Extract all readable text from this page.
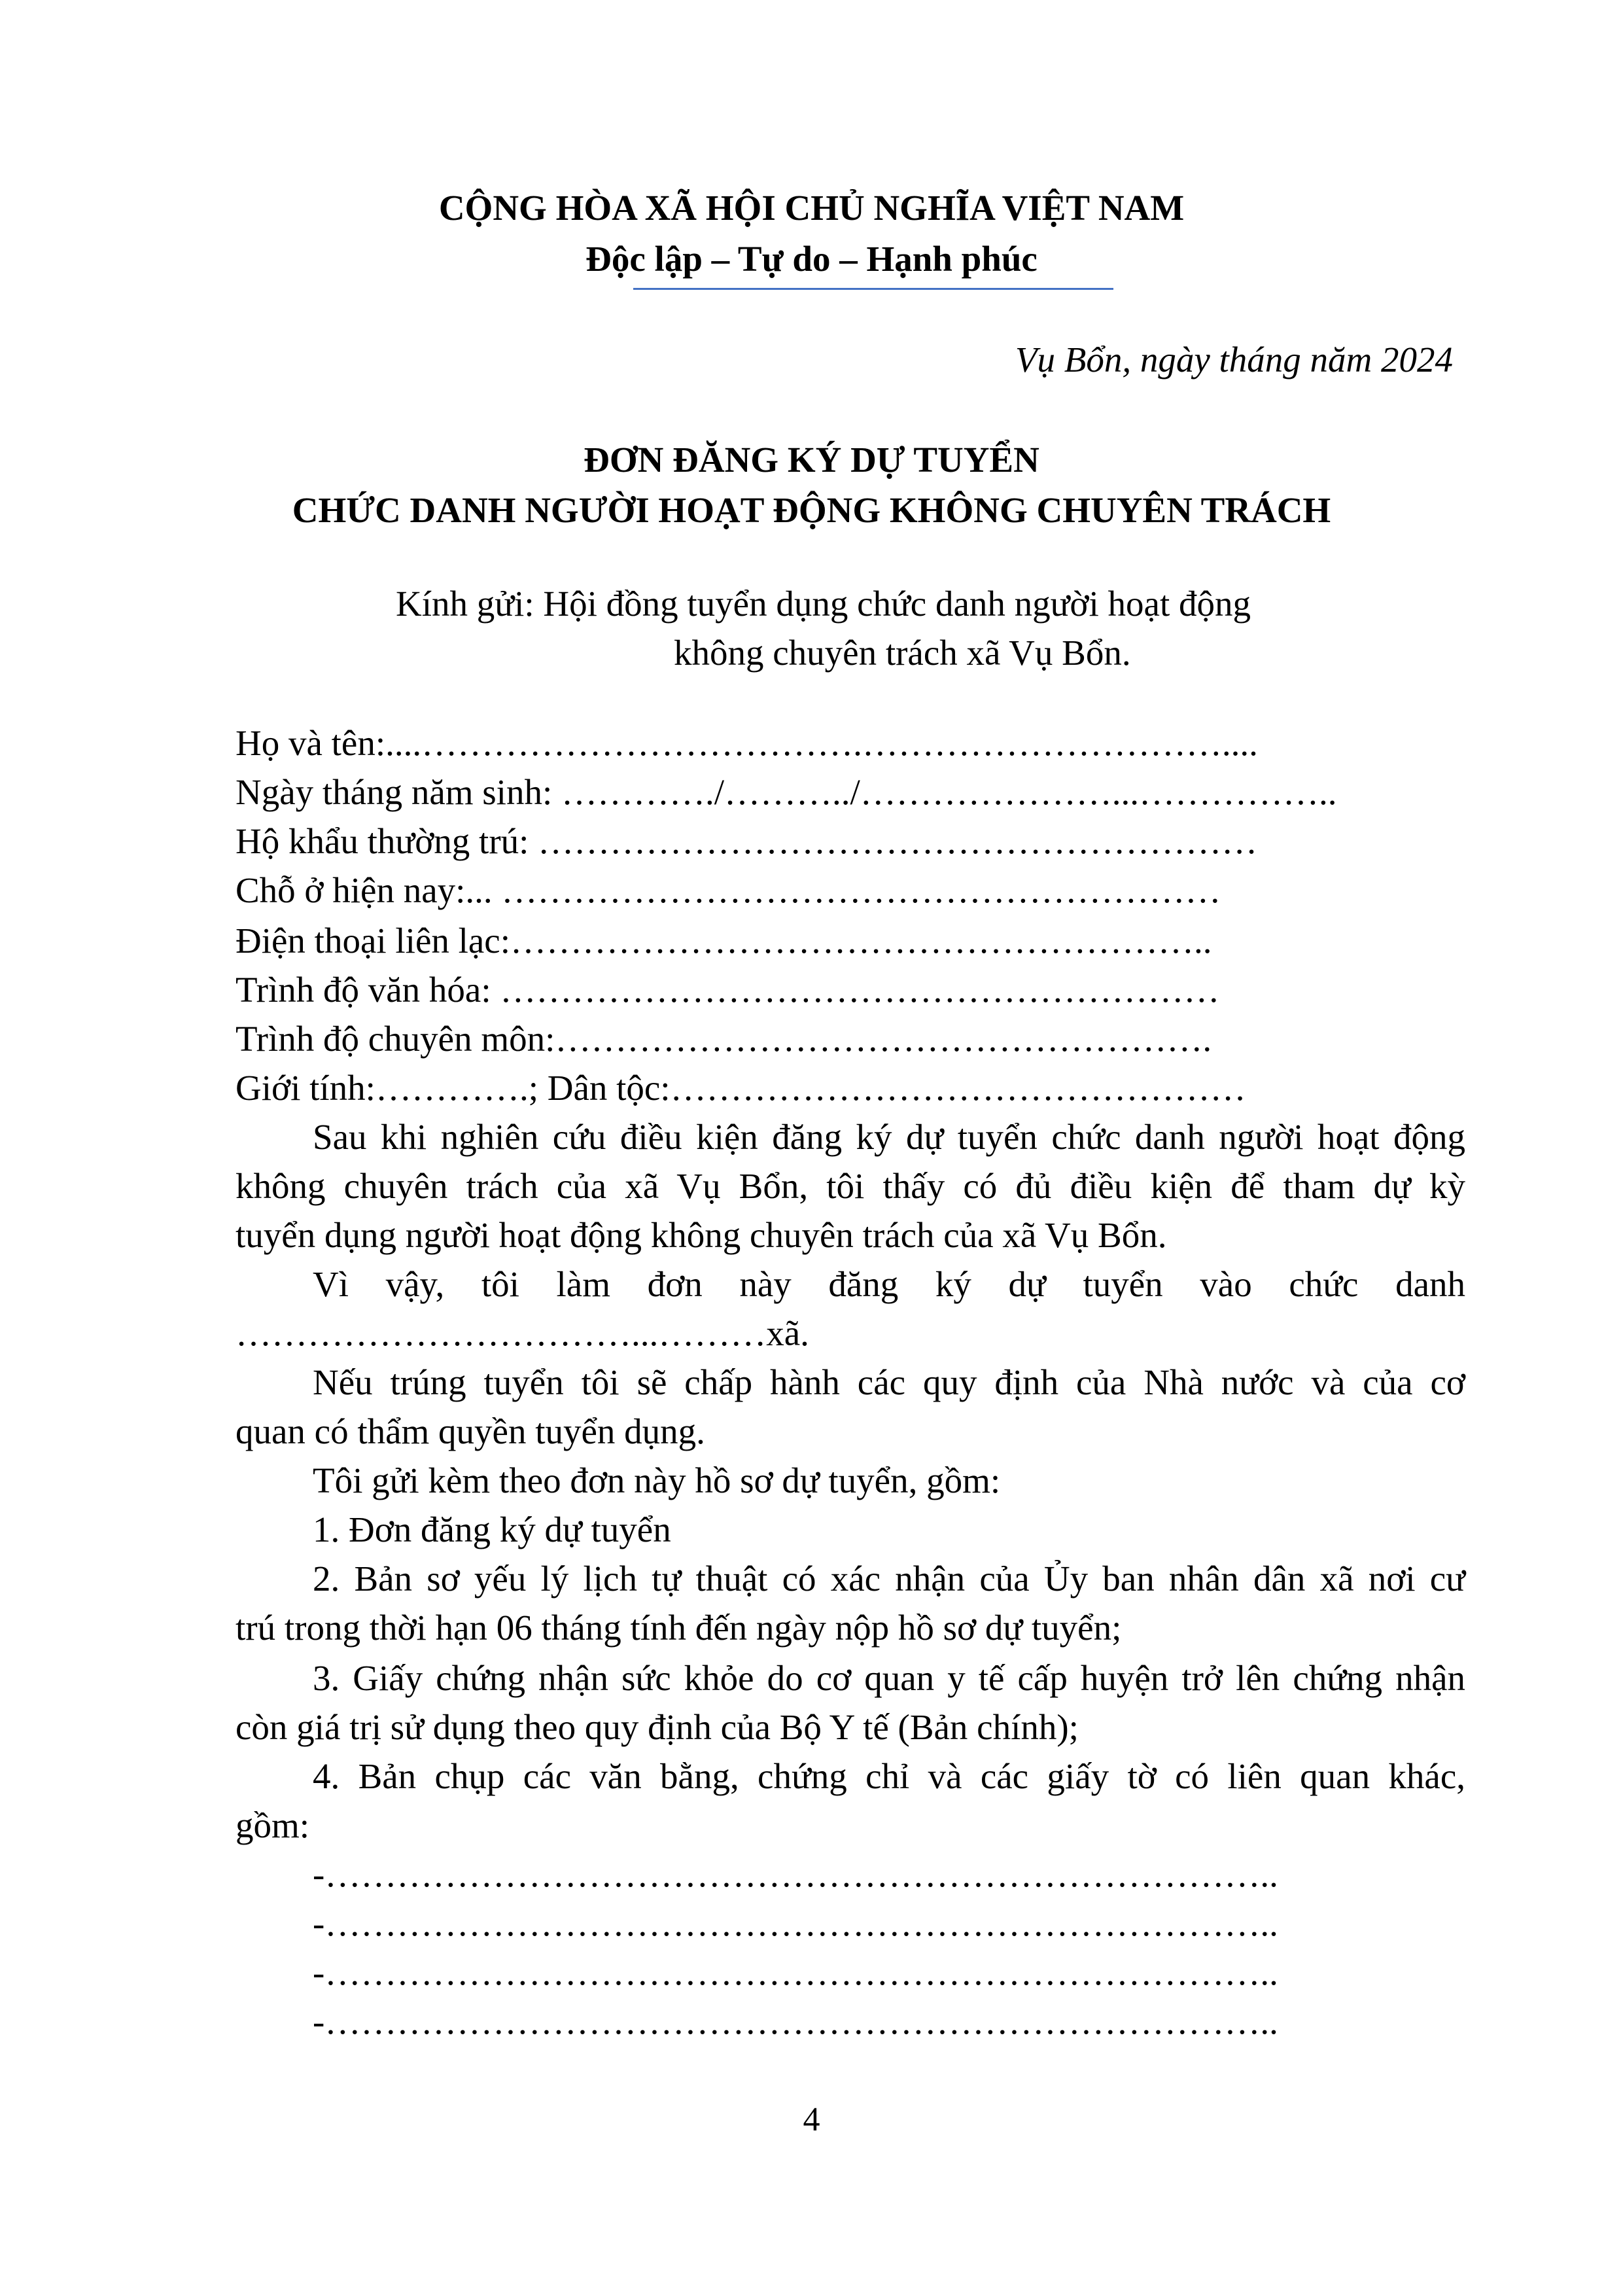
CỘNG HÒA XÃ HỘI CHỦ NGHĨA VIỆT NAM
Độc lập – Tự do – Hạnh phúc
Vụ Bổn, ngày tháng năm 2024
ĐƠN ĐĂNG KÝ DỰ TUYỂN
CHỨC DANH NGƯỜI HOẠT ĐỘNG KHÔNG CHUYÊN TRÁCH
Kính gửi: Hội đồng tuyển dụng chức danh người hoạt động
không chuyên trách xã Vụ Bổn.
Họ và tên:....……………………………….…………………………....
Ngày tháng năm sinh: …………./………../…………………...……………..
Hộ khẩu thường trú: ……………………………………………………
Chỗ ở hiện nay:... ……………………………………………………
Điện thoại liên lạc:…………………………………………………..
Trình độ văn hóa: ……………………………………………………
Trình độ chuyên môn:……………………………………………….
Giới tính:………….; Dân tộc:…………………………………………
Sau khi nghiên cứu điều kiện đăng ký dự tuyển chức danh người hoạt động
không chuyên trách của xã Vụ Bổn, tôi thấy có đủ điều kiện để tham dự kỳ
tuyển dụng người hoạt động không chuyên trách của xã Vụ Bổn.
Vì vậy, tôi làm đơn này đăng ký dự tuyển vào chức danh
……………………………...………xã.
Nếu trúng tuyển tôi sẽ chấp hành các quy định của Nhà nước và của cơ
quan có thẩm quyền tuyển dụng.
Tôi gửi kèm theo đơn này hồ sơ dự tuyển, gồm:
1. Đơn đăng ký dự tuyển
2. Bản sơ yếu lý lịch tự thuật có xác nhận của Ủy ban nhân dân xã nơi cư
trú trong thời hạn 06 tháng tính đến ngày nộp hồ sơ dự tuyển;
3. Giấy chứng nhận sức khỏe do cơ quan y tế cấp huyện trở lên chứng nhận
còn giá trị sử dụng theo quy định của Bộ Y tế (Bản chính);
4. Bản chụp các văn bằng, chứng chỉ và các giấy tờ có liên quan khác,
gồm:
-……………………………………………………………………..
-……………………………………………………………………..
-……………………………………………………………………..
-……………………………………………………………………..
4
